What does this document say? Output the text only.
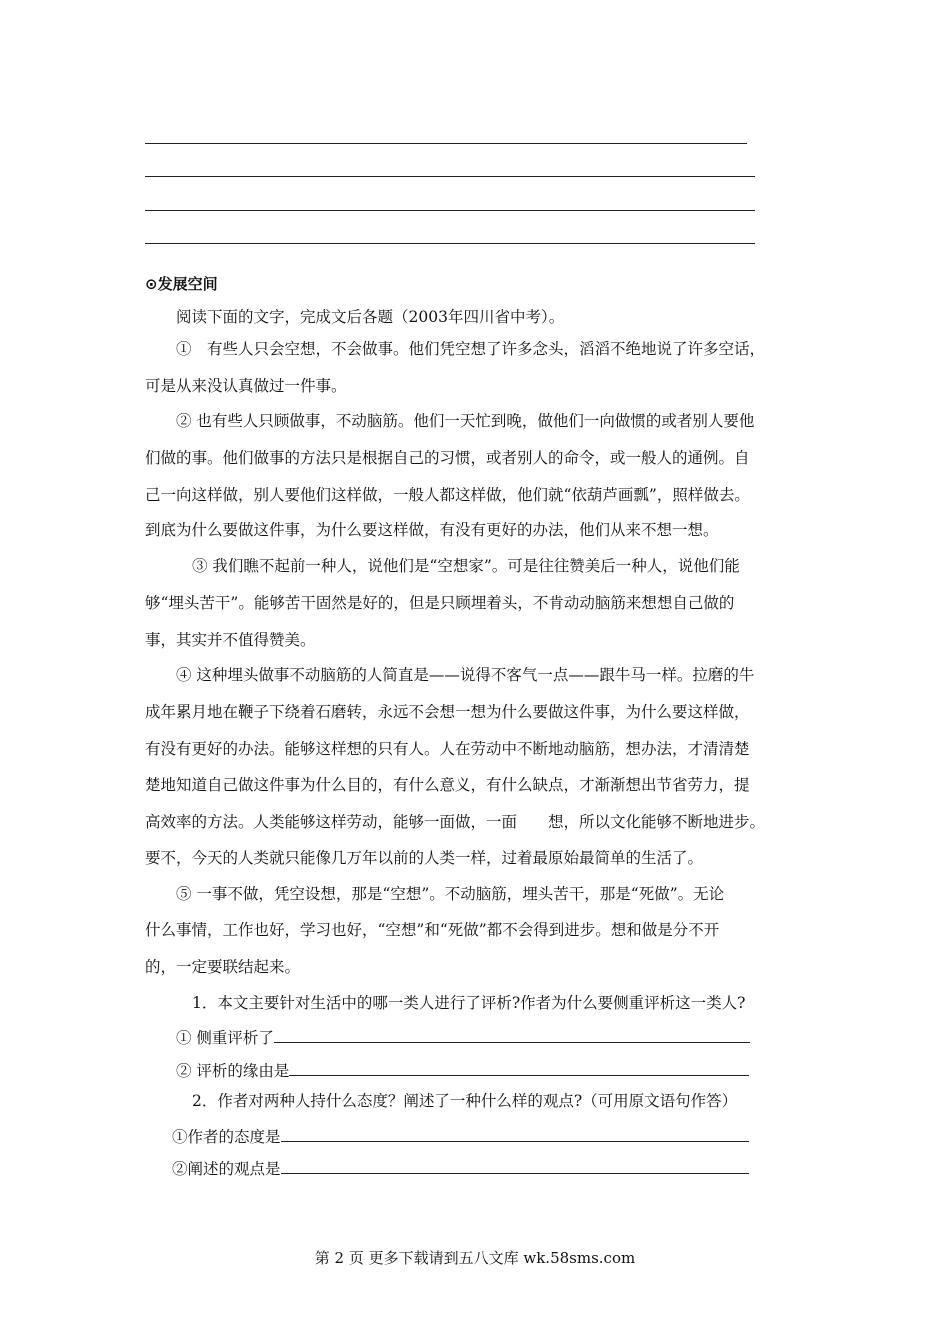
⊙发展空间
阅读下面的文字，完成文后各题（2003年四川省中考）。
①　有些人只会空想，不会做事。他们凭空想了许多念头，滔滔不绝地说了许多空话，
可是从来没认真做过一件事。
② 也有些人只顾做事，不动脑筋。他们一天忙到晚，做他们一向做惯的或者别人要他
们做的事。他们做事的方法只是根据自己的习惯，或者别人的命令，或一般人的通例。自
己一向这样做，别人要他们这样做，一般人都这样做，他们就“依葫芦画瓢”，照样做去。
到底为什么要做这件事，为什么要这样做，有没有更好的办法，他们从来不想一想。
③ 我们瞧不起前一种人，说他们是“空想家”。可是往往赞美后一种人，说他们能
够“埋头苦干”。能够苦干固然是好的，但是只顾埋着头，不肯动动脑筋来想想自己做的
事，其实并不值得赞美。
④ 这种埋头做事不动脑筋的人简直是——说得不客气一点——跟牛马一样。拉磨的牛
成年累月地在鞭子下绕着石磨转，永远不会想一想为什么要做这件事，为什么要这样做，
有没有更好的办法。能够这样想的只有人。人在劳动中不断地动脑筋，想办法，才清清楚
楚地知道自己做这件事为什么目的，有什么意义，有什么缺点，才渐渐想出节省劳力，提
高效率的方法。人类能够这样劳动，能够一面做，一面　　想，所以文化能够不断地进步。
要不，今天的人类就只能像几万年以前的人类一样，过着最原始最简单的生活了。
⑤ 一事不做，凭空设想，那是“空想”。不动脑筋，埋头苦干，那是“死做”。无论
什么事情，工作也好，学习也好，“空想”和“死做”都不会得到进步。想和做是分不开
的，一定要联结起来。
1．本文主要针对生活中的哪一类人进行了评析?作者为什么要侧重评析这一类人?
① 侧重评析了
② 评析的缘由是
2．作者对两种人持什么态度？阐述了一种什么样的观点?（可用原文语句作答）
①作者的态度是
②阐述的观点是
第 2 页 更多下载请到五八文库 wk.58sms.com
